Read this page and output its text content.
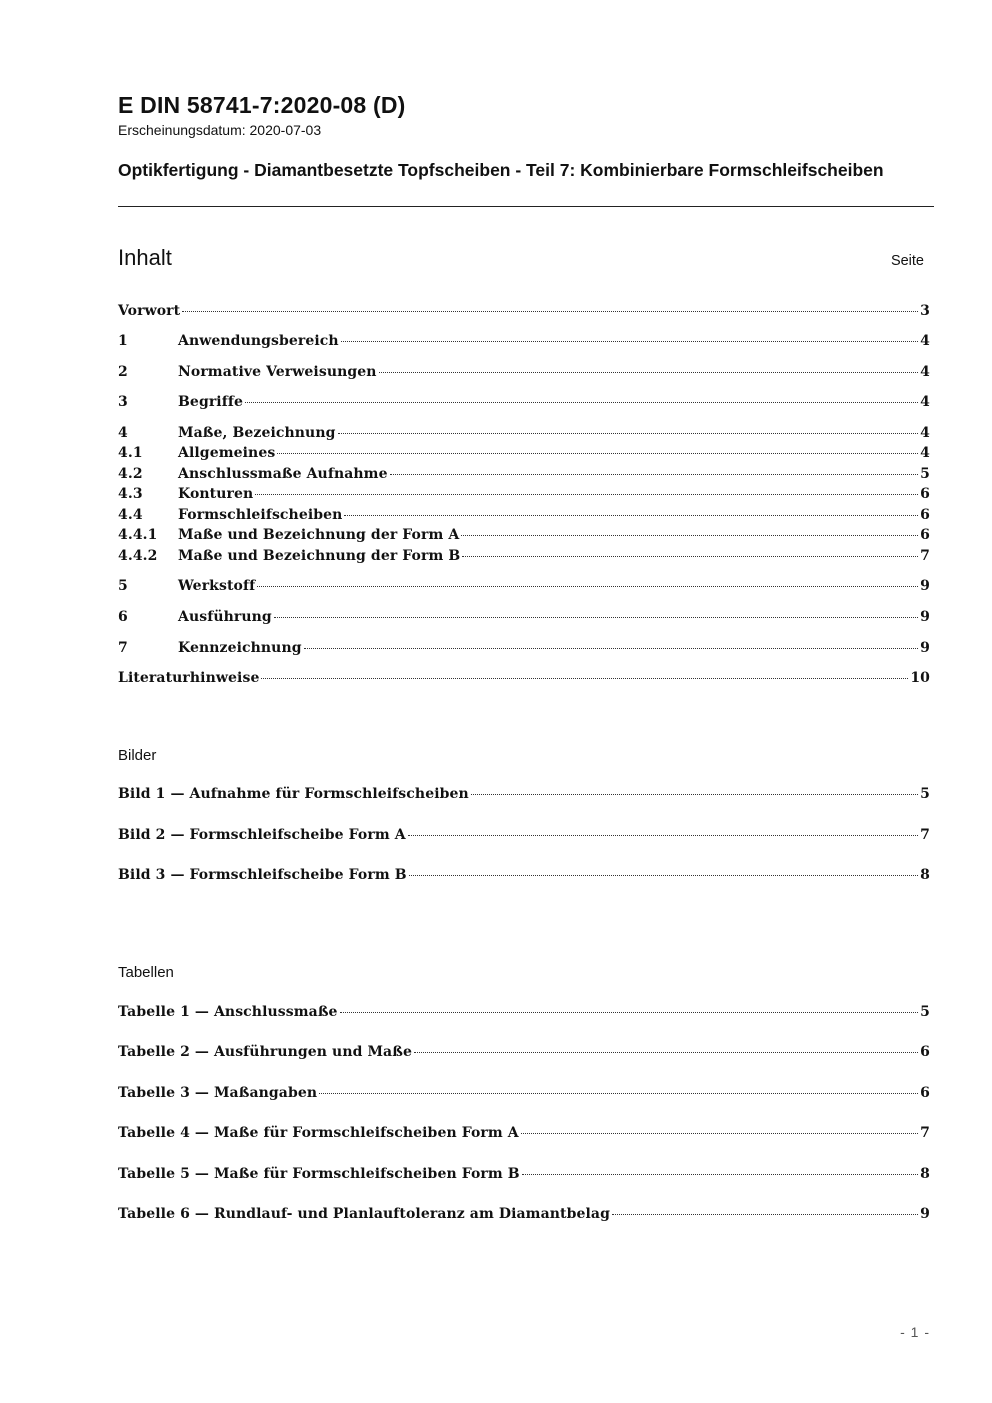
E DIN 58741-7:2020-08 (D)
Erscheinungsdatum: 2020-07-03
Optikfertigung - Diamantbesetzte Topfscheiben - Teil 7: Kombinierbare Formschleifscheiben
Inhalt	Seite
Vorwort	3
1	Anwendungsbereich	4
2	Normative Verweisungen	4
3	Begriffe	4
4	Maße, Bezeichnung	4
4.1	Allgemeines	4
4.2	Anschlussmaße Aufnahme	5
4.3	Konturen	6
4.4	Formschleifscheiben	6
4.4.1	Maße und Bezeichnung der Form A	6
4.4.2	Maße und Bezeichnung der Form B	7
5	Werkstoff	9
6	Ausführung	9
7	Kennzeichnung	9
Literaturhinweise	10
Bilder
Bild 1 — Aufnahme für Formschleifscheiben	5
Bild 2 — Formschleifscheibe Form A	7
Bild 3 — Formschleifscheibe Form B	8
Tabellen
Tabelle 1 — Anschlussmaße	5
Tabelle 2 — Ausführungen und Maße	6
Tabelle 3 — Maßangaben	6
Tabelle 4 — Maße für Formschleifscheiben Form A	7
Tabelle 5 — Maße für Formschleifscheiben Form B	8
Tabelle 6 — Rundlauf- und Planlauftoleranz am Diamantbelag	9
- 1 -
